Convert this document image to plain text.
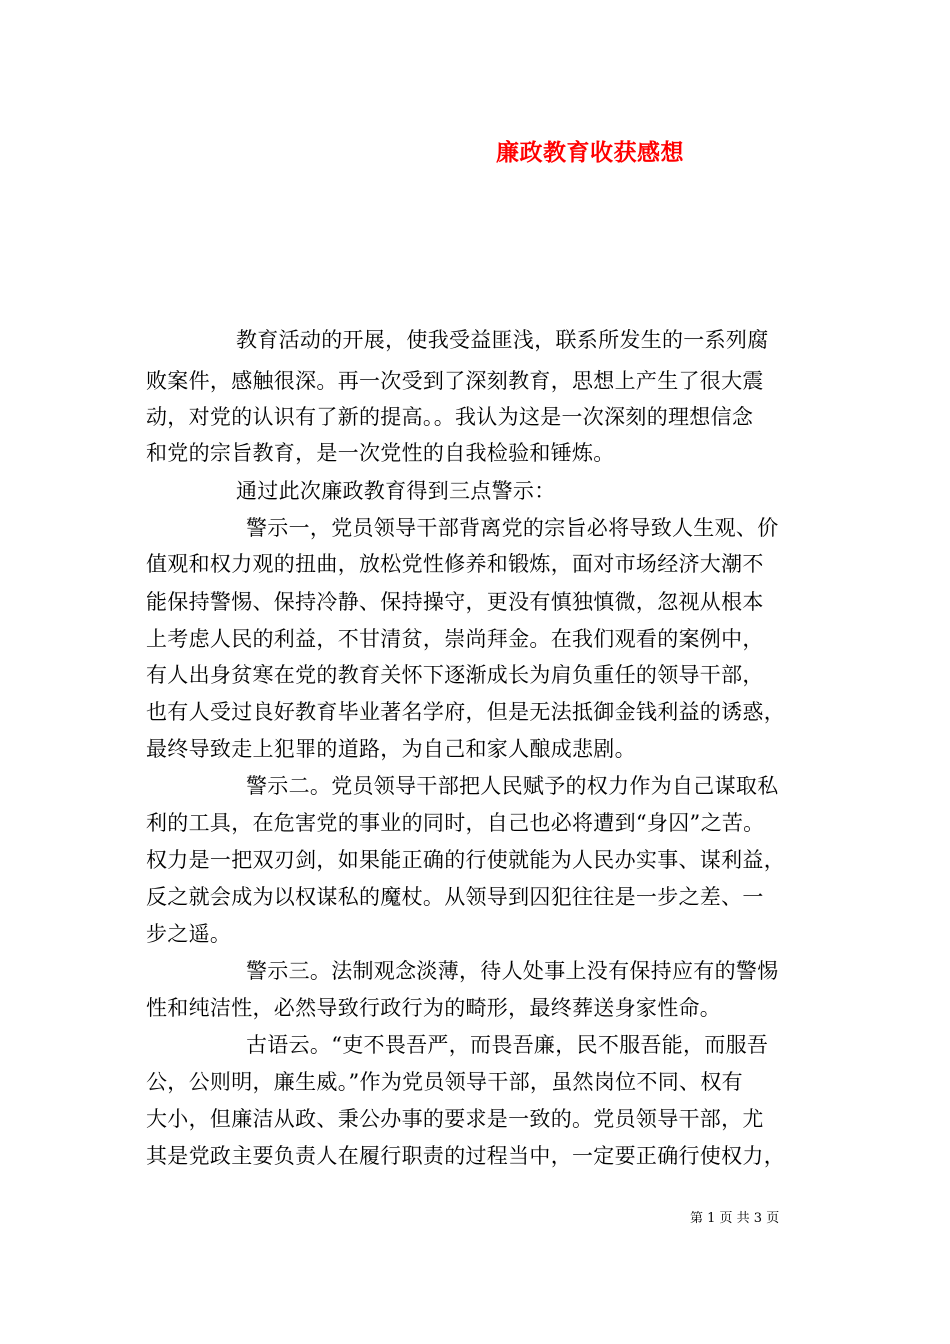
廉政教育收获感想
教育活动的开展，使我受益匪浅，联系所发生的一系列腐
败案件，感触很深。再一次受到了深刻教育，思想上产生了很大震
动，对党的认识有了新的提高。。我认为这是一次深刻的理想信念
和党的宗旨教育，是一次党性的自我检验和锤炼。
通过此次廉政教育得到三点警示：
警示一，党员领导干部背离党的宗旨必将导致人生观、价
值观和权力观的扭曲，放松党性修养和锻炼，面对市场经济大潮不
能保持警惕、保持冷静、保持操守，更没有慎独慎微，忽视从根本
上考虑人民的利益，不甘清贫，崇尚拜金。在我们观看的案例中，
有人出身贫寒在党的教育关怀下逐渐成长为肩负重任的领导干部，
也有人受过良好教育毕业著名学府，但是无法抵御金钱利益的诱惑，
最终导致走上犯罪的道路，为自己和家人酿成悲剧。
警示二。党员领导干部把人民赋予的权力作为自己谋取私
利的工具，在危害党的事业的同时，自己也必将遭到“身囚”之苦。
权力是一把双刃剑，如果能正确的行使就能为人民办实事、谋利益，
反之就会成为以权谋私的魔杖。从领导到囚犯往往是一步之差、一
步之遥。
警示三。法制观念淡薄，待人处事上没有保持应有的警惕
性和纯洁性，必然导致行政行为的畸形，最终葬送身家性命。
古语云。“吏不畏吾严，而畏吾廉，民不服吾能，而服吾
公，公则明，廉生威。”作为党员领导干部，虽然岗位不同、权有
大小，但廉洁从政、秉公办事的要求是一致的。党员领导干部，尤
其是党政主要负责人在履行职责的过程当中，一定要正确行使权力，
第 1 页 共 3 页
